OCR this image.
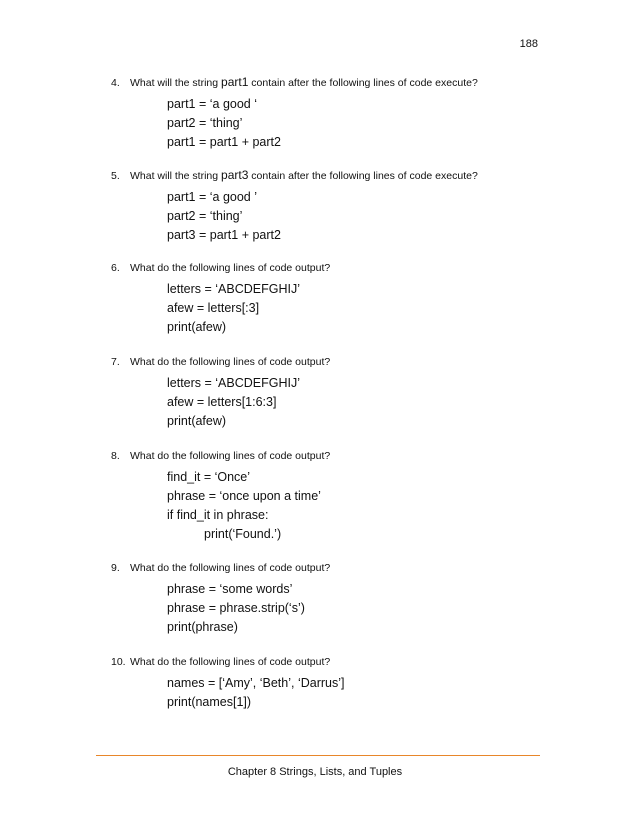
188
4. What will the string part1 contain after the following lines of code execute?
part1 = ‘a good ‘
part2 = ‘thing’
part1 = part1 + part2
5. What will the string part3 contain after the following lines of code execute?
part1 = ‘a good ’
part2 = ‘thing’
part3 = part1 + part2
6. What do the following lines of code output?
letters = ‘ABCDEFGHIJ’
afew = letters[:3]
print(afew)
7. What do the following lines of code output?
letters = ‘ABCDEFGHIJ’
afew = letters[1:6:3]
print(afew)
8. What do the following lines of code output?
find_it = ‘Once’
phrase = ‘once upon a time’
if find_it in phrase:
print(‘Found.’)
9. What do the following lines of code output?
phrase = ‘some words’
phrase = phrase.strip(‘s’)
print(phrase)
10. What do the following lines of code output?
names = [‘Amy’, ‘Beth’, ‘Darrus’]
print(names[1])
Chapter 8 Strings, Lists, and Tuples
